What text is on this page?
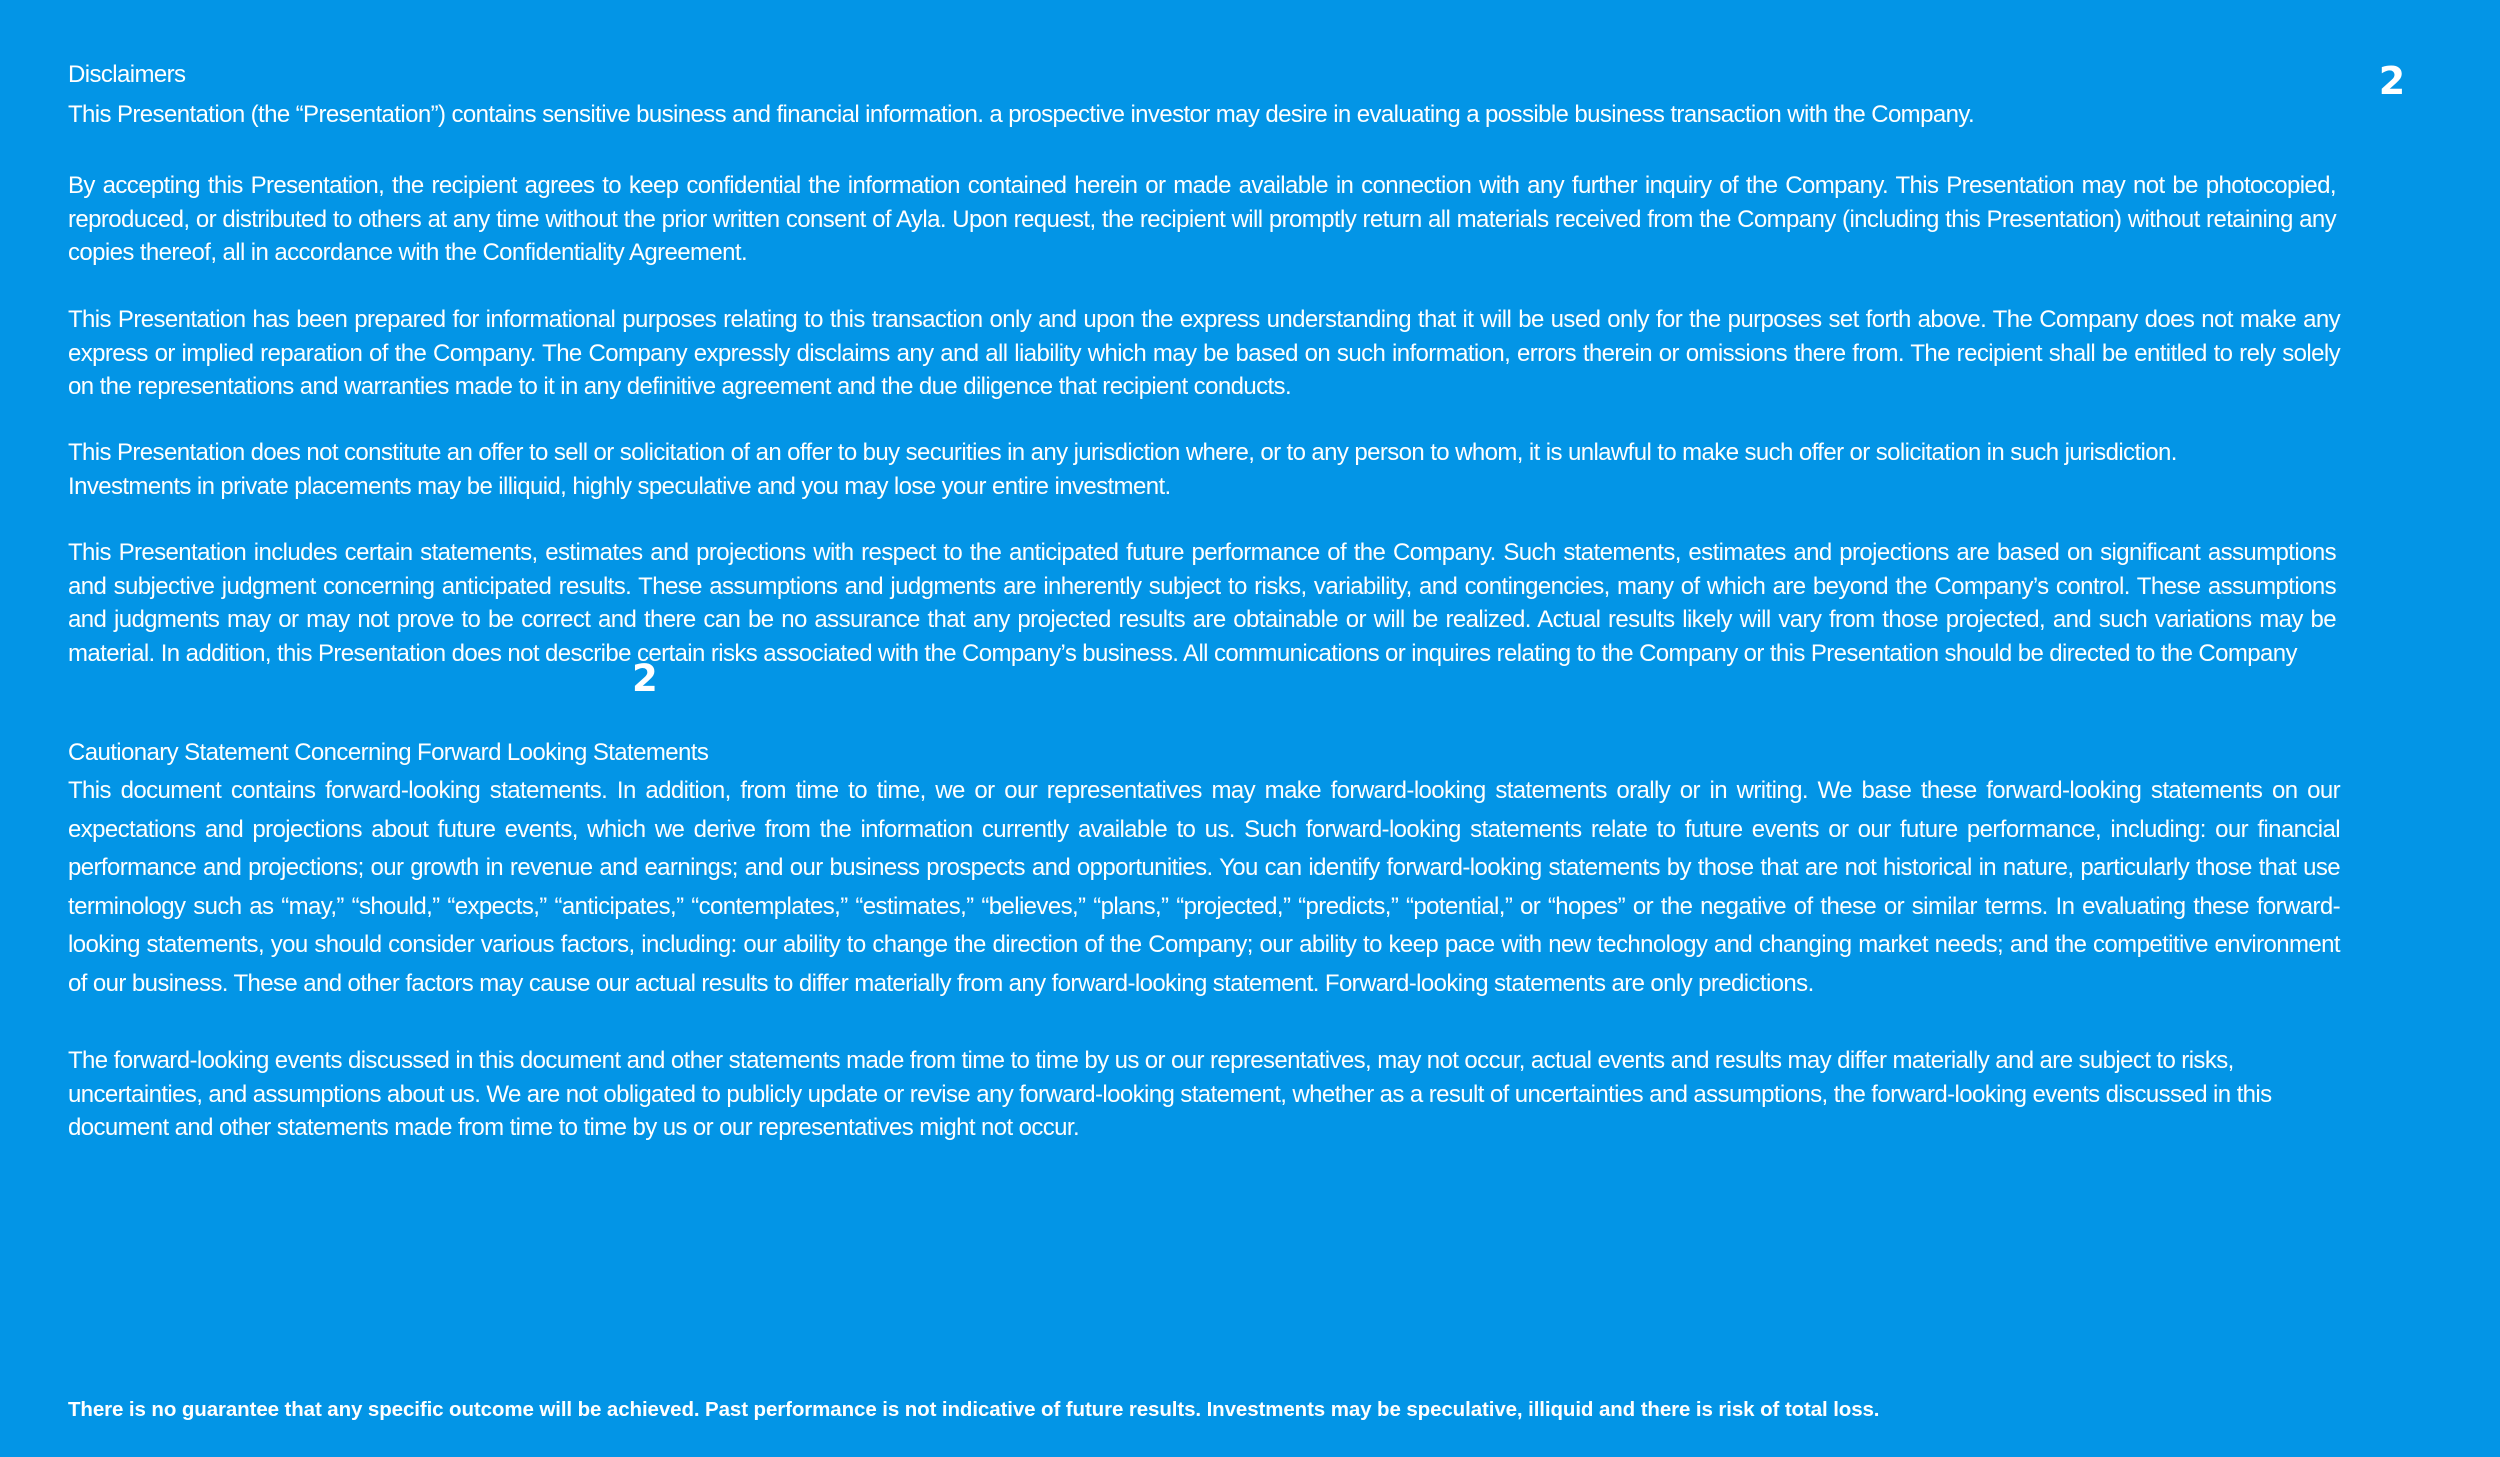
2
2
Disclaimers

This Presentation (the “Presentation”) contains sensitive business and financial information. a prospective investor may desire in evaluating a possible business transaction with the Company.

By accepting this Presentation, the recipient agrees to keep confidential the information contained herein or made available in connection with any further inquiry of the Company. This Presentation may not be photocopied, reproduced, or distributed to others at any time without the prior written consent of Ayla. Upon request, the recipient will promptly return all materials received from the Company (including this Presentation) without retaining any copies thereof, all in accordance with the Confidentiality Agreement.

This Presentation has been prepared for informational purposes relating to this transaction only and upon the express understanding that it will be used only for the purposes set forth above. The Company does not make any express or implied reparation of the Company. The Company expressly disclaims any and all liability which may be based on such information, errors therein or omissions there from. The recipient shall be entitled to rely solely on the representations and warranties made to it in any definitive agreement and the due diligence that recipient conducts.

This Presentation does not constitute an offer to sell or solicitation of an offer to buy securities in any jurisdiction where, or to any person to whom, it is unlawful to make such offer or solicitation in such jurisdiction. Investments in private placements may be illiquid, highly speculative and you may lose your entire investment.

This Presentation includes certain statements, estimates and projections with respect to the anticipated future performance of the Company. Such statements, estimates and projections are based on significant assumptions and subjective judgment concerning anticipated results. These assumptions and judgments are inherently subject to risks, variability, and contingencies, many of which are beyond the Company’s control. These assumptions and judgments may or may not prove to be correct and there can be no assurance that any projected results are obtainable or will be realized. Actual results likely will vary from those projected, and such variations may be material. In addition, this Presentation does not describe certain risks associated with the Company’s business. All communications or inquires relating to the Company or this Presentation should be directed to the Company

Cautionary Statement Concerning Forward Looking Statements

This document contains forward-looking statements. In addition, from time to time, we or our representatives may make forward-looking statements orally or in writing. We base these forward-looking statements on our expectations and projections about future events, which we derive from the information currently available to us. Such forward-looking statements relate to future events or our future performance, including: our financial performance and projections; our growth in revenue and earnings; and our business prospects and opportunities. You can identify forward-looking statements by those that are not historical in nature, particularly those that use terminology such as “may,” “should,” “expects,” “anticipates,” “contemplates,” “estimates,” “believes,” “plans,” “projected,” “predicts,” “potential,” or “hopes” or the negative of these or similar terms. In evaluating these forward-looking statements, you should consider various factors, including: our ability to change the direction of the Company; our ability to keep pace with new technology and changing market needs; and the competitive environment of our business. These and other factors may cause our actual results to differ materially from any forward-looking statement. Forward-looking statements are only predictions.

The forward-looking events discussed in this document and other statements made from time to time by us or our representatives, may not occur, actual events and results may differ materially and are subject to risks, uncertainties, and assumptions about us. We are not obligated to publicly update or revise any forward-looking statement, whether as a result of uncertainties and assumptions, the forward-looking events discussed in this document and other statements made from time to time by us or our representatives might not occur.

There is no guarantee that any specific outcome will be achieved. Past performance is not indicative of future results. Investments may be speculative, illiquid and there is risk of total loss.
